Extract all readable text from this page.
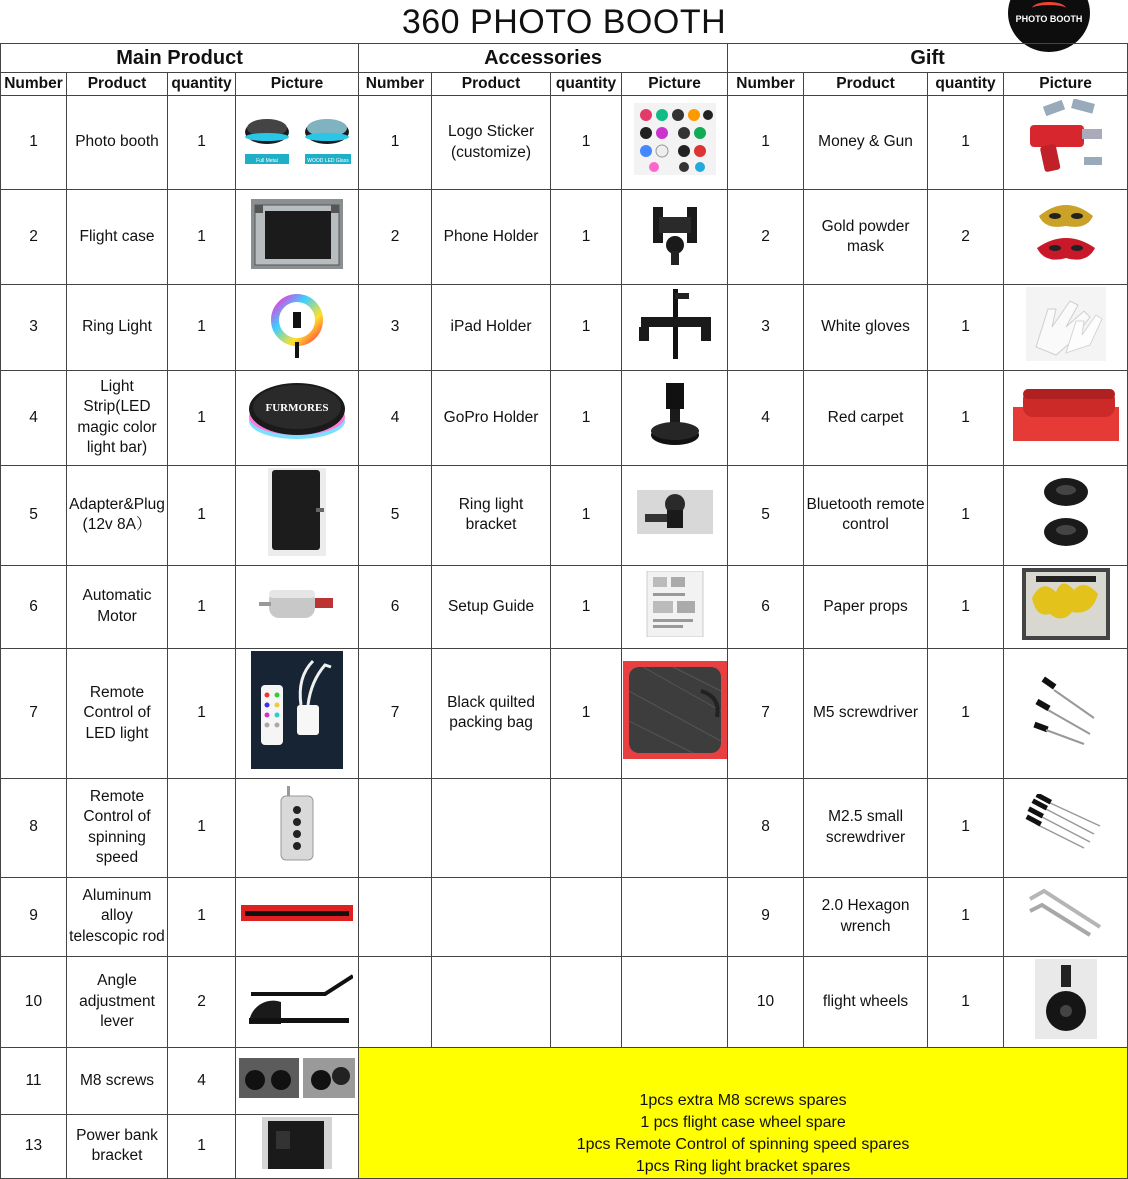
360 PHOTO BOOTH	PHOTO BOOTH
Main Product				Accessories				Gift			
Number	Product	quantity	Picture	Number	Product	quantity	Picture	Number	Product	quantity	Picture
1	Photo booth	1	Full Metal WOOD LED Glass	1	Logo Sticker (customize)	1		1	Money & Gun	1	
2	Flight case	1		2	Phone Holder	1		2	Gold powder mask	2	
3	Ring Light	1		3	iPad Holder	1		3	White gloves	1	
4	Light Strip(LED magic color light bar)	1	FURMORES	4	GoPro Holder	1		4	Red carpet	1	
5	Adapter&Plug (12v 8A）	1		5	Ring light bracket	1		5	Bluetooth remote control	1	
6	Automatic Motor	1		6	Setup Guide	1		6	Paper props	1	
7	Remote Control of LED light	1		7	Black quilted packing bag	1		7	M5 screwdriver	1	
8	Remote Control of spinning speed	1						8	M2.5 small screwdriver	1	
9	Aluminum alloy telescopic rod	1						9	2.0 Hexagon wrench	1	
10	Angle adjustment lever	2						10	flight wheels	1	
11	M8 screws	4		1pcs extra M8 screws spares
1 pcs flight case wheel spare
1pcs Remote Control of spinning speed spares
1pcs Ring light bracket spares							

13	Power bank bracket	1	
